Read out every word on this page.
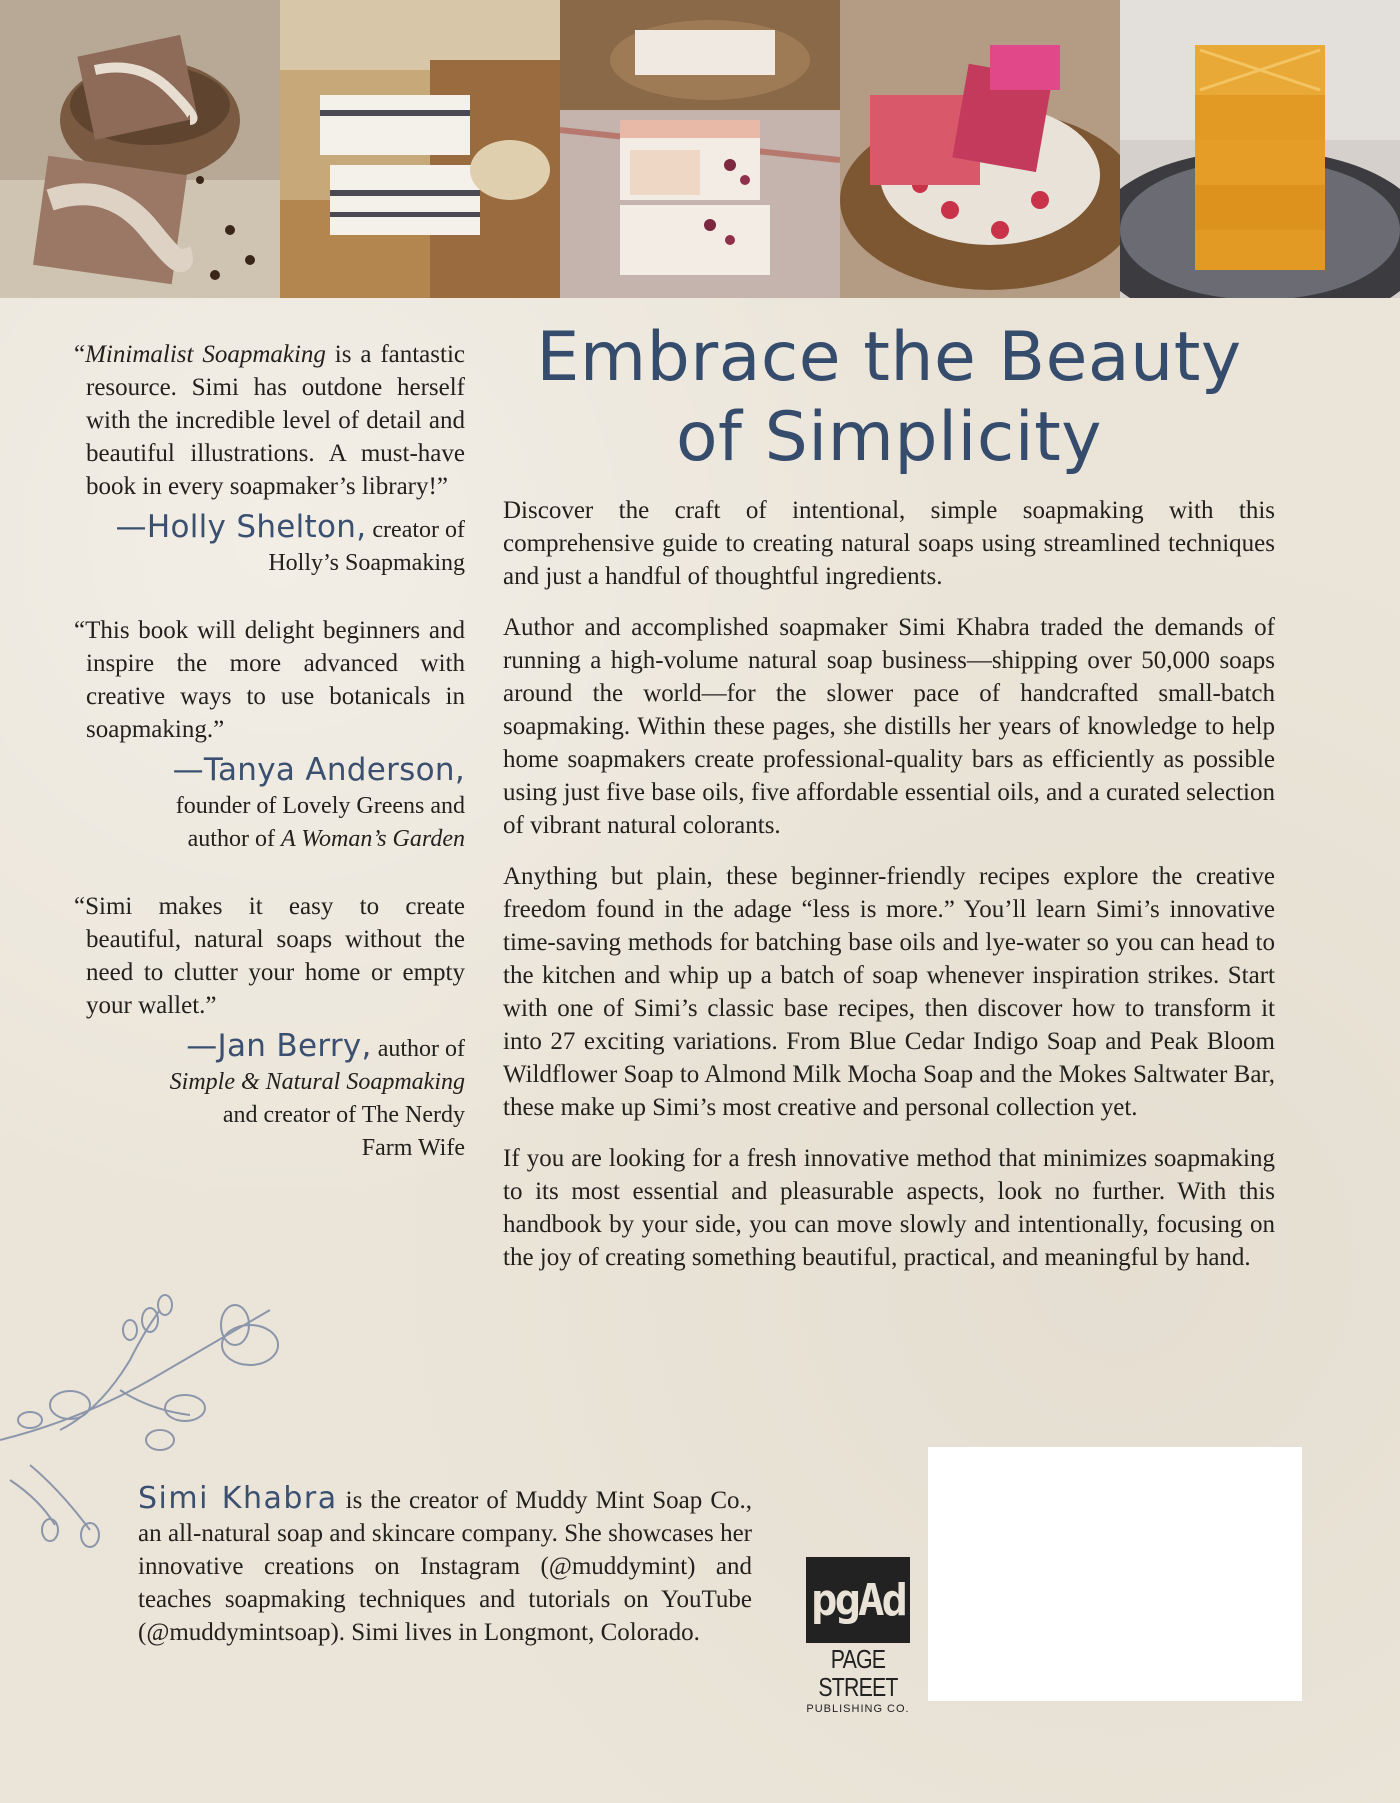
“Minimalist Soapmaking is a fantastic resource. Simi has outdone herself with the incredible level of detail and beautiful illustrations. A must-have book in every soapmaker’s library!”

—Holly Shelton, creator of Holly’s Soapmaking

“This book will delight beginners and inspire the more advanced with creative ways to use botanicals in soapmaking.”

—Tanya Anderson,
founder of Lovely Greens and
author of A Woman’s Garden

“Simi makes it easy to create beautiful, natural soaps without the need to clutter your home or empty your wallet.”

—Jan Berry, author of
Simple & Natural Soapmaking
and creator of The Nerdy
Farm Wife
Embrace the Beauty
of Simplicity

Discover the craft of intentional, simple soapmaking with this comprehensive guide to creating natural soaps using streamlined techniques and just a handful of thoughtful ingredients.

Author and accomplished soapmaker Simi Khabra traded the demands of running a high-volume natural soap business—shipping over 50,000 soaps around the world—for the slower pace of handcrafted small-batch soapmaking. Within these pages, she distills her years of knowledge to help home soapmakers create professional-quality bars as efficiently as possible using just five base oils, five affordable essential oils, and a curated selection of vibrant natural colorants.

Anything but plain, these beginner-friendly recipes explore the creative freedom found in the adage “less is more.” You’ll learn Simi’s innovative time-saving methods for batching base oils and lye-water so you can head to the kitchen and whip up a batch of soap whenever inspiration strikes. Start with one of Simi’s classic base recipes, then discover how to transform it into 27 exciting variations. From Blue Cedar Indigo Soap and Peak Bloom Wildflower Soap to Almond Milk Mocha Soap and the Mokes Saltwater Bar, these make up Simi’s most creative and personal collection yet.

If you are looking for a fresh innovative method that minimizes soapmaking to its most essential and pleasurable aspects, look no further. With this handbook by your side, you can move slowly and intentionally, focusing on the joy of creating something beautiful, practical, and meaningful by hand.

Simi Khabra is the creator of Muddy Mint Soap Co., an all-natural soap and skincare company. She showcases her innovative creations on Instagram (@muddymint) and teaches soapmaking techniques and tutorials on YouTube (@muddymintsoap). Simi lives in Longmont, Colorado.

pgAd
PAGE STREET
PUBLISHING CO.
